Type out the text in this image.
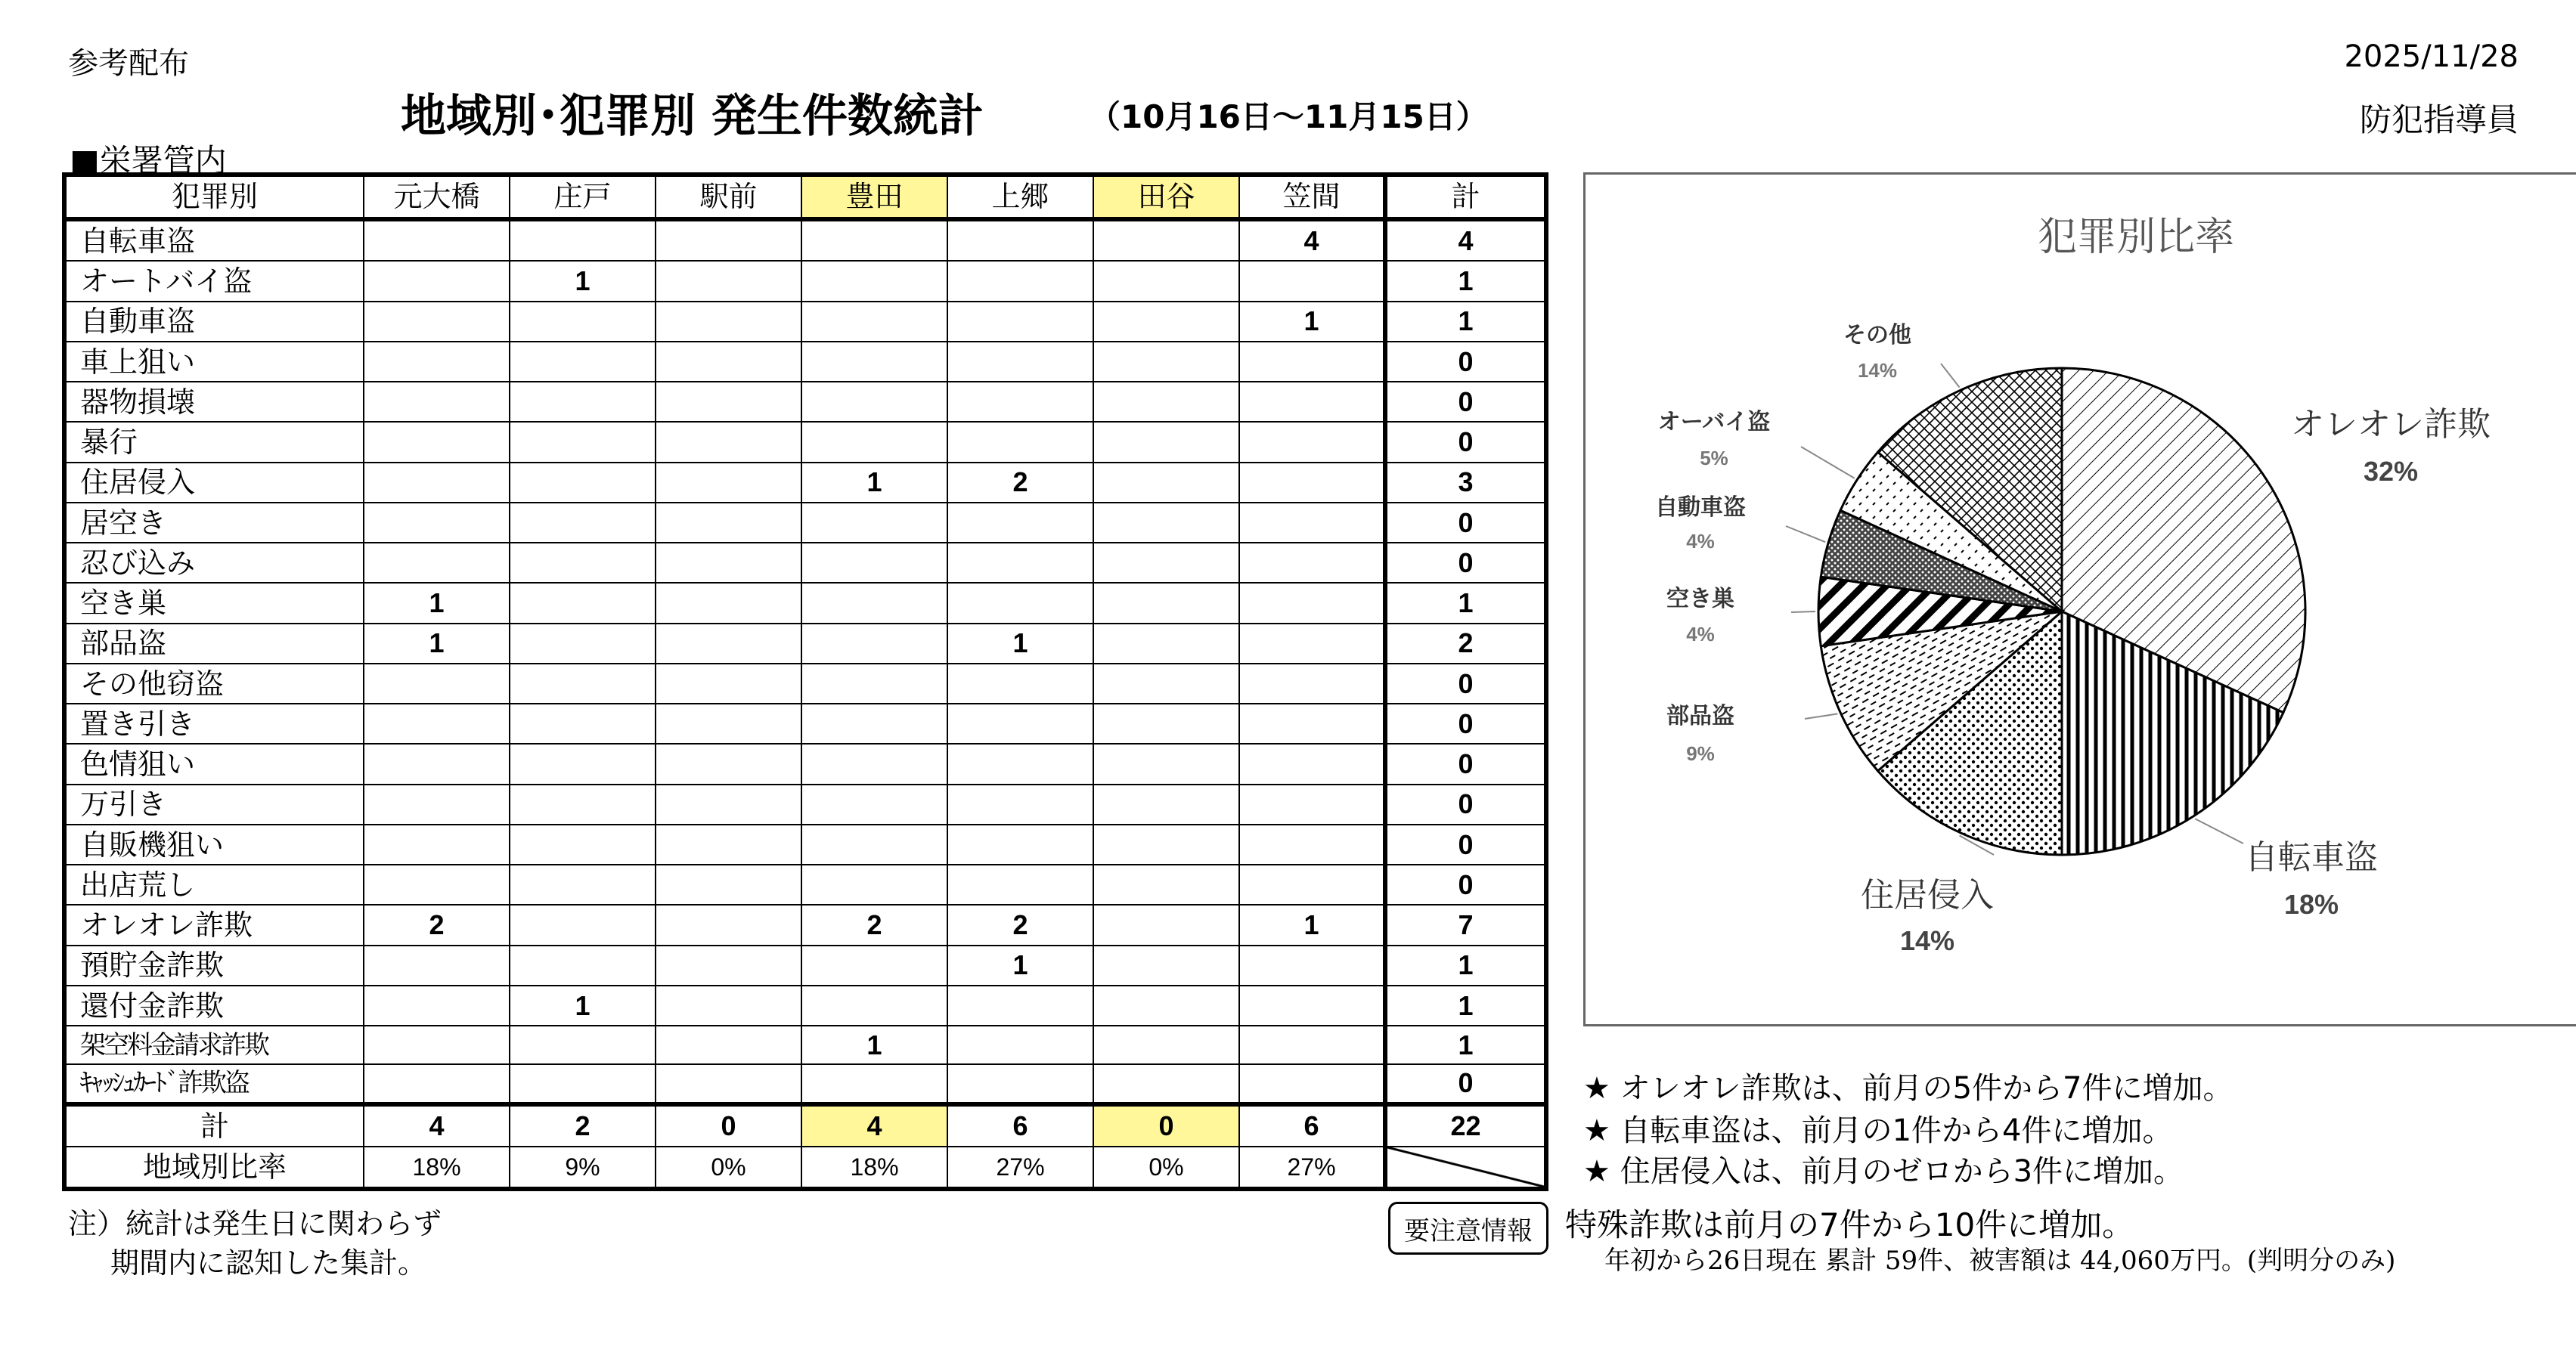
参考配布	2025/11/28
地域別･犯罪別 発生件数統計	（10月16日～11月15日）	防犯指導員
■栄署管内
犯罪別	元大橋	庄戸	駅前	豊田	上郷	田谷	笠間	計
自転車盗							4	4
オートバイ盗		1						1
自動車盗							1	1
車上狙い								0
器物損壊								0
暴行								0
住居侵入				1	2			3
居空き								0
忍び込み								0
空き巣	1							1
部品盗	1				1			2
その他窃盗								0
置き引き								0
色情狙い								0
万引き								0
自販機狙い								0
出店荒し								0
オレオレ詐欺	2			2	2		1	7
預貯金詐欺					1			1
還付金詐欺		1						1
架空料金請求詐欺				1				1
ｷｬｯｼｭｶｰﾄﾞ詐欺盗								0
計	4	2	0	4	6	0	6	22
地域別比率	18%	9%	0%	18%	27%	0%	27%	
注）統計は発生日に関わらず
期間内に認知した集計。
要注意情報
犯罪別比率
オレオレ詐欺
32%
自転車盗
18%
住居侵入
14%
部品盗
9%
空き巣
4%
自動車盗
4%
オーバイ盗
5%
その他
14%
★ オレオレ詐欺は、前月の5件から7件に増加。
★ 自転車盗は、前月の1件から4件に増加。
★ 住居侵入は、前月のゼロから3件に増加。
特殊詐欺は前月の7件から10件に増加。
年初から26日現在 累計 59件、被害額は 44,060万円。(判明分のみ)
